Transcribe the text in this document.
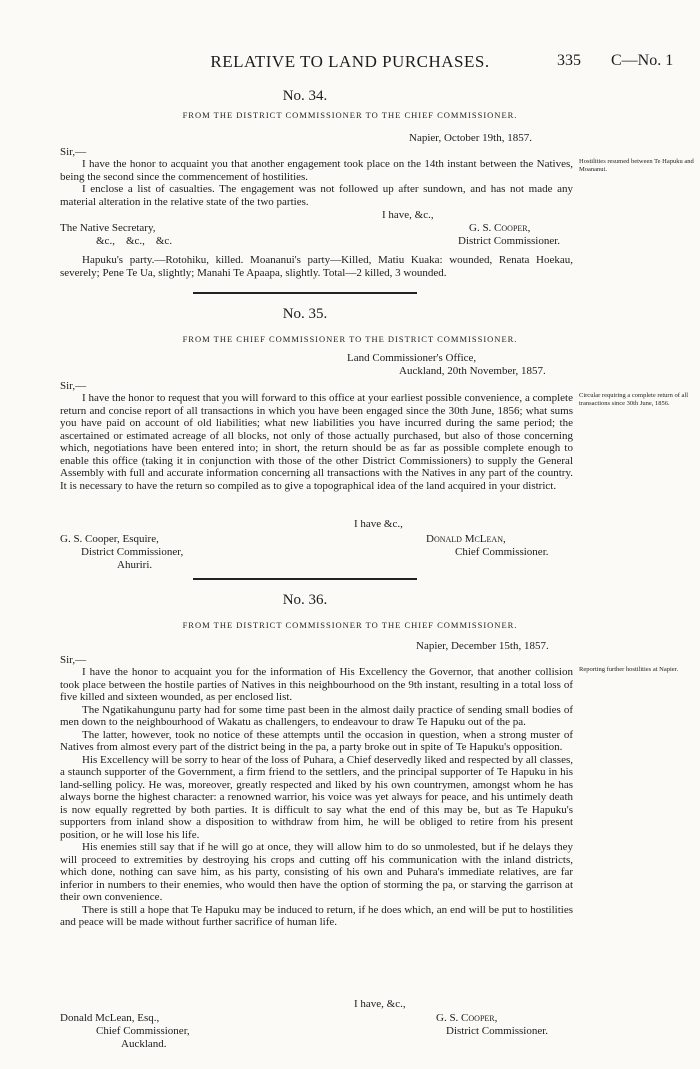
RELATIVE TO LAND PURCHASES.	335 C—No. 1
No. 34.
FROM THE DISTRICT COMMISSIONER TO THE CHIEF COMMISSIONER.
Napier, October 19th, 1857.
Sir,—

I have the honor to acquaint you that another engagement took place on the 14th instant between the Natives, being the second since the commencement of hostilities.

I enclose a list of casualties. The engagement was not followed up after sundown, and has not made any material alteration in the relative state of the two parties.

I have, &c.,
The Native Secretary,
&c.,    &c.,    &c.
G. S. Cooper,
District Commissioner.

Hapuku's party.—Rotohiku, killed. Moananui's party—Killed, Matiu Kuaka: wounded, Renata Hoekau, severely; Pene Te Ua, slightly; Manahi Te Apaapa, slightly. Total—2 killed, 3 wounded.

Hostilities resumed between Te Hapuku and Moananui.
No. 35.
FROM THE CHIEF COMMISSIONER TO THE DISTRICT COMMISSIONER.
Land Commissioner's Office,
Auckland, 20th November, 1857.
Sir,—

I have the honor to request that you will forward to this office at your earliest possible convenience, a complete return and concise report of all transactions in which you have been engaged since the 30th June, 1856; what sums you have paid on account of old liabilities; what new liabilities you have incurred during the same period; the ascertained or estimated acreage of all blocks, not only of those actually purchased, but also of those concerning which, negotiations have been entered into; in short, the return should be as far as possible complete enough to enable this office (taking it in conjunction with those of the other District Commissioners) to supply the General Assembly with full and accurate information concerning all transactions with the Natives in any part of the country. It is necessary to have the return so compiled as to give a topographical idea of the land acquired in your district.

I have &c.,
G. S. Cooper, Esquire,
District Commissioner,
Ahuriri.
Donald McLean,
Chief Commissioner.
Circular requiring a complete return of all transactions since 30th June, 1856.
No. 36.
FROM THE DISTRICT COMMISSIONER TO THE CHIEF COMMISSIONER.
Napier, December 15th, 1857.
Sir,—

I have the honor to acquaint you for the information of His Excellency the Governor, that another collision took place between the hostile parties of Natives in this neighbourhood on the 9th instant, resulting in a total loss of five killed and sixteen wounded, as per enclosed list.

The Ngatikahungunu party had for some time past been in the almost daily practice of sending small bodies of men down to the neighbourhood of Wakatu as challengers, to endeavour to draw Te Hapuku out of the pa.

The latter, however, took no notice of these attempts until the occasion in question, when a strong muster of Natives from almost every part of the district being in the pa, a party broke out in spite of Te Hapuku's opposition.

His Excellency will be sorry to hear of the loss of Puhara, a Chief deservedly liked and respected by all classes, a staunch supporter of the Government, a firm friend to the settlers, and the principal supporter of Te Hapuku in his land-selling policy. He was, moreover, greatly respected and liked by his own countrymen, amongst whom he has always borne the highest character: a renowned warrior, his voice was yet always for peace, and his untimely death is now equally regretted by both parties. It is difficult to say what the end of this may be, but as Te Hapuku's supporters from inland show a disposition to withdraw from him, he will be obliged to retire from his present position, or he will lose his life.

His enemies still say that if he will go at once, they will allow him to do so unmolested, but if he delays they will proceed to extremities by destroying his crops and cutting off his communication with the inland districts, which done, nothing can save him, as his party, consisting of his own and Puhara's immediate relatives, are far inferior in numbers to their enemies, who would then have the option of storming the pa, or starving the garrison at their own convenience.

There is still a hope that Te Hapuku may be induced to return, if he does which, an end will be put to hostilities and peace will be made without further sacrifice of human life.

I have, &c.,
Donald McLean, Esq.,
Chief Commissioner,
Auckland.
G. S. Cooper,
District Commissioner.
Reporting further hostilities at Napier.
